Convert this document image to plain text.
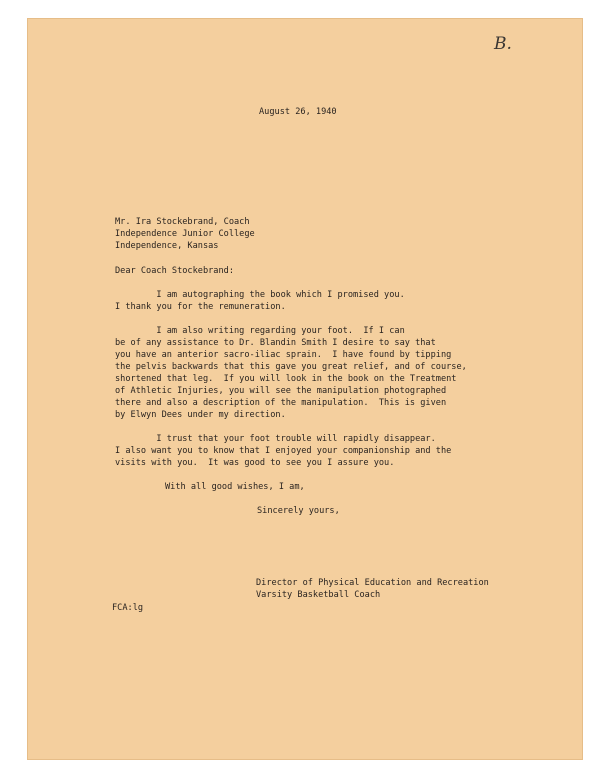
B.
August 26, 1940
Mr. Ira Stockebrand, Coach
Independence Junior College
Independence, Kansas
Dear Coach Stockebrand:
I am autographing the book which I promised you.
I thank you for the remuneration.
I am also writing regarding your foot.  If I can
be of any assistance to Dr. Blandin Smith I desire to say that
you have an anterior sacro-iliac sprain.  I have found by tipping
the pelvis backwards that this gave you great relief, and of course,
shortened that leg.  If you will look in the book on the Treatment
of Athletic Injuries, you will see the manipulation photographed
there and also a description of the manipulation.  This is given
by Elwyn Dees under my direction.
I trust that your foot trouble will rapidly disappear.
I also want you to know that I enjoyed your companionship and the
visits with you.  It was good to see you I assure you.
With all good wishes, I am,
Sincerely yours,
Director of Physical Education and Recreation
Varsity Basketball Coach
FCA:lg
